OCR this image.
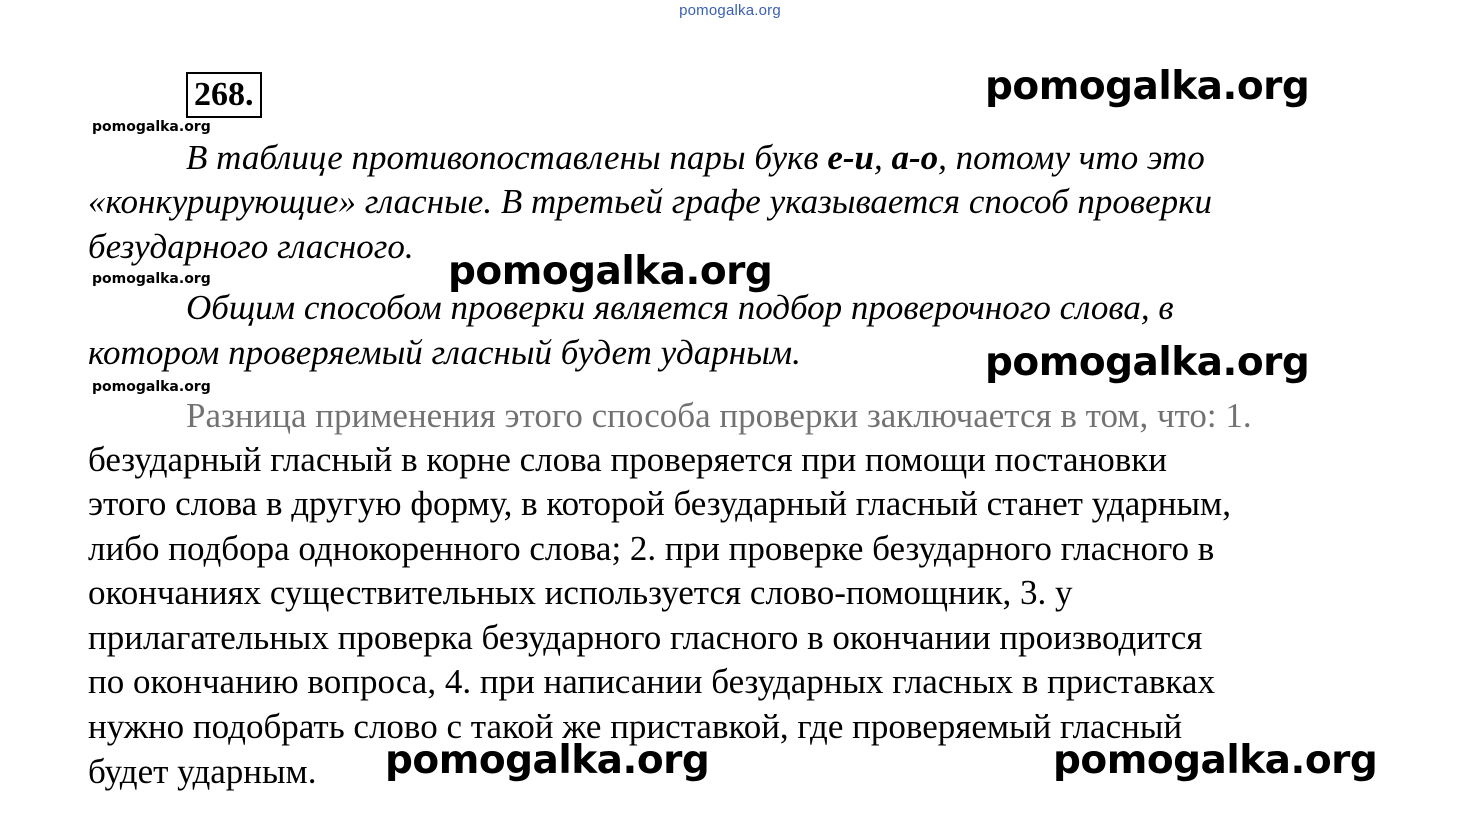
pomogalka.org
268.	pomogalka.org
pomogalka.org
pomogalka.org
pomogalka.org	pomogalka.org
pomogalka.org
pomogalka.org
pomogalka.org
В таблице противопоставлены пары букв е-и, а-о, потому что это
«конкурирующие» гласные. В третьей графе указывается способ проверки
безударного гласного.
Общим способом проверки является подбор проверочного слова, в
котором проверяемый гласный будет ударным.
Разница применения этого способа проверки заключается в том, что: 1.
безударный гласный в корне слова проверяется при помощи постановки
этого слова в другую форму, в которой безударный гласный станет ударным,
либо подбора однокоренного слова; 2. при проверке безударного гласного в
окончаниях существительных используется слово-помощник, 3. у
прилагательных проверка безударного гласного в окончании производится
по окончанию вопроса, 4. при написании безударных гласных в приставках
нужно подобрать слово с такой же приставкой, где проверяемый гласный
будет ударным.
